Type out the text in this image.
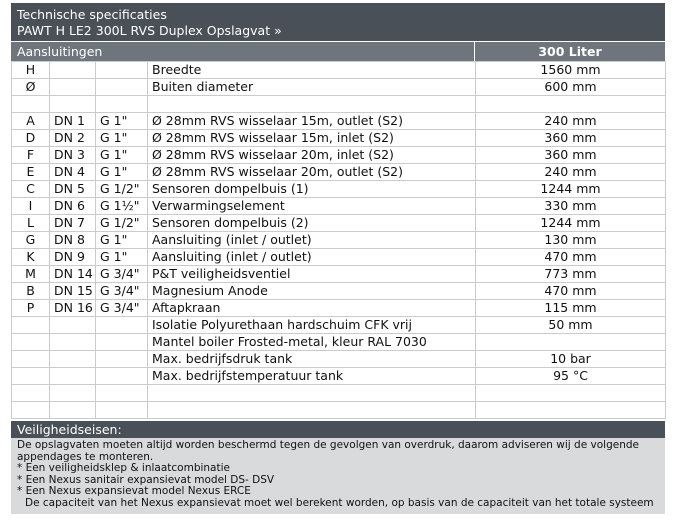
Technische specificaties
PAWT H LE2 300L RVS Duplex Opslagvat »
Aansluitingen	300 Liter
H			Breedte	1560 mm
Ø			Buiten diameter	600 mm

A	DN 1	G 1"	Ø 28mm RVS wisselaar 15m, outlet (S2)	240 mm
D	DN 2	G 1"	Ø 28mm RVS wisselaar 15m, inlet (S2)	360 mm
F	DN 3	G 1"	Ø 28mm RVS wisselaar 20m, inlet (S2)	360 mm
E	DN 4	G 1"	Ø 28mm RVS wisselaar 20m, outlet (S2)	240 mm
C	DN 5	G 1/2"	Sensoren dompelbuis (1)	1244 mm
I	DN 6	G 1½"	Verwarmingselement	330 mm
L	DN 7	G 1/2"	Sensoren dompelbuis (2)	1244 mm
G	DN 8	G 1"	Aansluiting (inlet / outlet)	130 mm
K	DN 9	G 1"	Aansluiting (inlet / outlet)	470 mm
M	DN 14	G 3/4"	P&T veiligheidsventiel	773 mm
B	DN 15	G 3/4"	Magnesium Anode	470 mm
P	DN 16	G 3/4"	Aftapkraan	115 mm
			Isolatie Polyurethaan hardschuim CFK vrij	50 mm
			Mantel boiler Frosted-metal, kleur RAL 7030	
			Max. bedrijfsdruk tank	10 bar
			Max. bedrijfstemperatuur tank	95 °C

Veiligheidseisen:
De opslagvaten moeten altijd worden beschermd tegen de gevolgen van overdruk, daarom adviseren wij de volgende appendages te monteren.
* Een veiligheidsklep & inlaatcombinatie
* Een Nexus sanitair expansievat model DS- DSV
* Een Nexus expansievat model Nexus ERCE
De capaciteit van het Nexus expansievat moet wel berekent worden, op basis van de capaciteit van het totale systeem
